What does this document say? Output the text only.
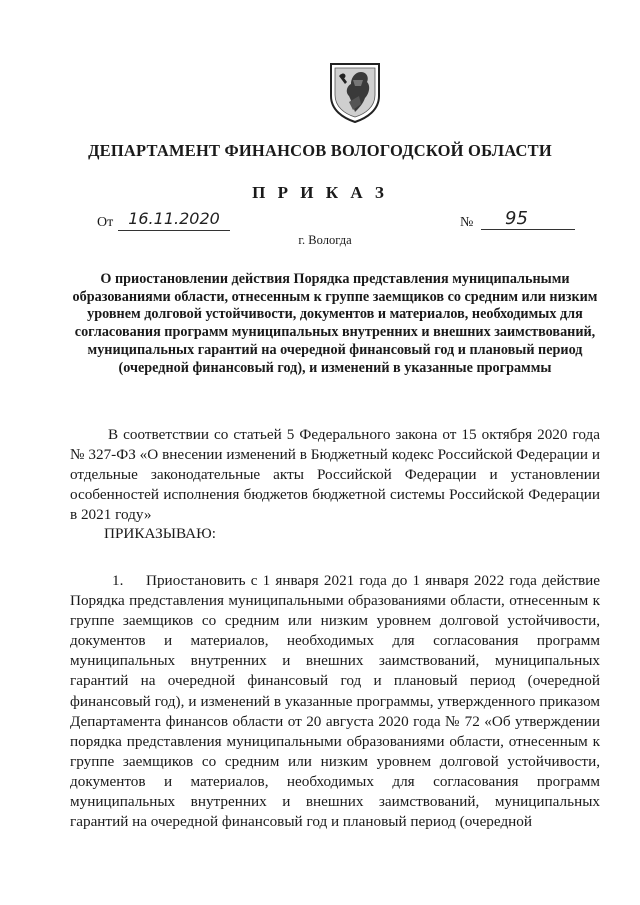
ДЕПАРТАМЕНТ ФИНАНСОВ ВОЛОГОДСКОЙ ОБЛАСТИ
П Р И К А З
От 16.11.2020	№	95
г. Вологда
О приостановлении действия Порядка представления муниципальными образованиями области, отнесенным к группе заемщиков со средним или низким уровнем долговой устойчивости, документов и материалов, необходимых для согласования программ муниципальных внутренних и внешних заимствований, муниципальных гарантий на очередной финансовый год и плановый период (очередной финансовый год), и изменений в указанные программы
В соответствии со статьей 5 Федерального закона от 15 октября 2020 года № 327-ФЗ «О внесении изменений в Бюджетный кодекс Российской Федерации и отдельные законодательные акты Российской Федерации и установлении особенностей исполнения бюджетов бюджетной системы Российской Федерации в 2021 году»
ПРИКАЗЫВАЮ:
1. Приостановить с 1 января 2021 года до 1 января 2022 года действие Порядка представления муниципальными образованиями области, отнесенным к группе заемщиков со средним или низким уровнем долговой устойчивости, документов и материалов, необходимых для согласования программ муниципальных внутренних и внешних заимствований, муниципальных гарантий на очередной финансовый год и плановый период (очередной финансовый год), и изменений в указанные программы, утвержденного приказом Департамента финансов области от 20 августа 2020 года № 72 «Об утверждении порядка представления муниципальными образованиями области, отнесенным к группе заемщиков со средним или низким уровнем долговой устойчивости, документов и материалов, необходимых для согласования программ муниципальных внутренних и внешних заимствований, муниципальных гарантий на очередной финансовый год и плановый период (очередной
